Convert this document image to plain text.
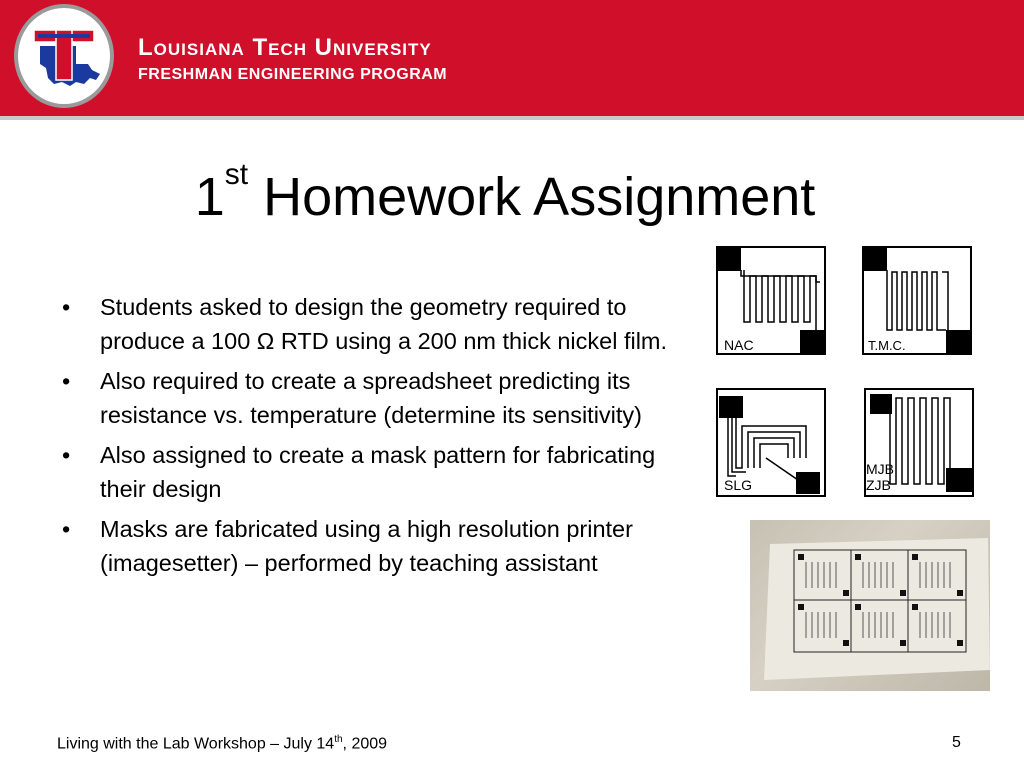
Louisiana Tech University
FRESHMAN ENGINEERING PROGRAM
1st Homework Assignment
• Students asked to design the geometry required to produce a 100 Ω RTD using a 200 nm thick nickel film.
• Also required to create a spreadsheet predicting its resistance vs. temperature (determine its sensitivity)
• Also assigned to create a mask pattern for fabricating their design
• Masks are fabricated using a high resolution printer (imagesetter) – performed by teaching assistant
NAC	T.M.C.
SLG
MJB
ZJB
Living with the Lab Workshop – July 14th, 2009	5
